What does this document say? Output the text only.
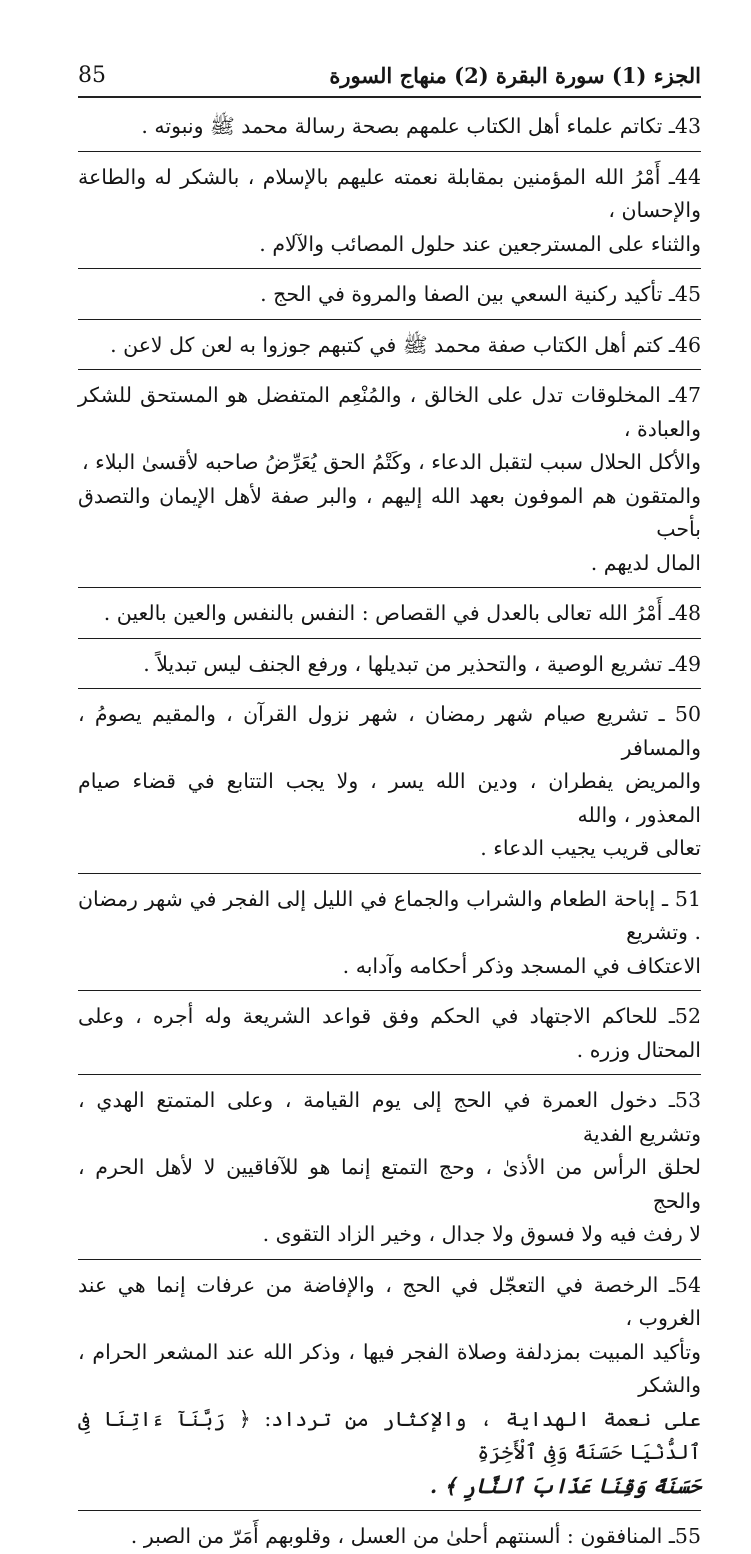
85	الجزء (1) سورة البقرة (2) منهاج السورة

43ـ تكاتم علماء أهل الكتاب علمهم بصحة رسالة محمد ﷺ ونبوته .

44ـ أَمْرُ الله المؤمنين بمقابلة نعمته عليهم بالإسلام ، بالشكر له والطاعة والإحسان ،

والثناء على المسترجعين عند حلول المصائب والآلام .

45ـ تأكيد ركنية السعي بين الصفا والمروة في الحج .

46ـ كتم أهل الكتاب صفة محمد ﷺ في كتبهم جوزوا به لعن كل لاعن .

47ـ المخلوقات تدل على الخالق ، والمُنْعِم المتفضل هو المستحق للشكر والعبادة ،

والأكل الحلال سبب لتقبل الدعاء ، وكَتْمُ الحق يُعَرِّضُ صاحبه لأقسىٰ البلاء ،

والمتقون هم الموفون بعهد الله إليهم ، والبر صفة لأهل الإيمان والتصدق بأحب

المال لديهم .

48ـ أَمْرُ الله تعالى بالعدل في القصاص : النفس بالنفس والعين بالعين .

49ـ تشريع الوصية ، والتحذير من تبديلها ، ورفع الجنف ليس تبديلاً .

50 ـ تشريع صيام شهر رمضان ، شهر نزول القرآن ، والمقيم يصومُ ، والمسافر

والمريض يفطران ، ودين الله يسر ، ولا يجب التتابع في قضاء صيام المعذور ، والله

تعالى قريب يجيب الدعاء .

51 ـ إباحة الطعام والشراب والجماع في الليل إلى الفجر في شهر رمضان . وتشريع

الاعتكاف في المسجد وذكر أحكامه وآدابه .

52ـ للحاكم الاجتهاد في الحكم وفق قواعد الشريعة وله أجره ، وعلى المحتال وزره .

53ـ دخول العمرة في الحج إلى يوم القيامة ، وعلى المتمتع الهدي ، وتشريع الفدية

لحلق الرأس من الأذىٰ ، وحج التمتع إنما هو للآفاقيين لا لأهل الحرم ، والحج

لا رفث فيه ولا فسوق ولا جدال ، وخير الزاد التقوى .

54ـ الرخصة في التعجّل في الحج ، والإفاضة من عرفات إنما هي عند الغروب ،

وتأكيد المبيت بمزدلفة وصلاة الفجر فيها ، وذكر الله عند المشعر الحرام ، والشكر

على نعمة الهداية ، والإكثار من ترداد: ﴿ رَبَّنَآ ءَاتِنَا فِى ٱلدُّنْيَا حَسَنَةً وَفِى ٱلْأَخِرَةِ

حَسَنَةً وَقِنَا عَذَابَ ٱلنَّارِ ﴾ .

55ـ المنافقون : ألسنتهم أحلىٰ من العسل ، وقلوبهم أَمَرّ من الصبر .
